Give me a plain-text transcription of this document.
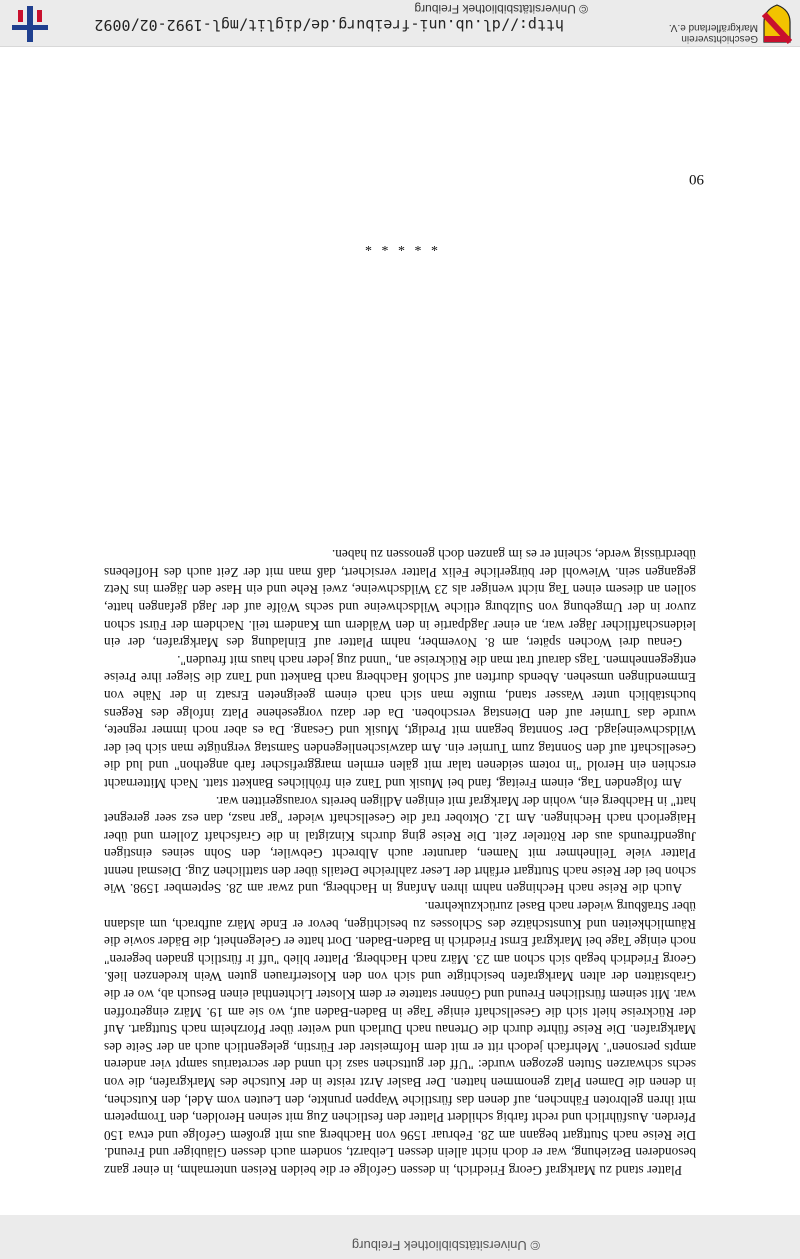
Geschichtsverein
Markgräflerland e.V.
http://dl.ub.uni-freiburg.de/diglit/mgl-1992-02/0092
© Universitätsbibliothek Freiburg
90

Platter stand zu Markgraf Georg Friedrich, in dessen Gefolge er die beiden Reisen unternahm, in einer ganz besonderen Beziehung, war er doch nicht allein dessen Leibarzt, sondern auch dessen Gläubiger und Freund. Die Reise nach Stuttgart begann am 28. Februar 1596 von Hachberg aus mit großem Gefolge und etwa 150 Pferden. Ausführlich und recht farbig schildert Platter den festlichen Zug mit seinen Herolden, den Trompetern mit ihren gelbroten Fähnchen, auf denen das fürstliche Wappen prunkte, den Leuten vom Adel, den Kutschen, in denen die Damen Platz genommen hatten. Der Basler Arzt reiste in der Kutsche des Markgrafen, die von sechs schwarzen Stuten gezogen wurde: "Uff der guttschen sasz ich unnd der secretarius sampt vier anderen ampts personen". Mehrfach jedoch ritt er mit dem Hofmeister der Fürstin, gelegentlich auch an der Seite des Markgrafen. Die Reise führte durch die Ortenau nach Durlach und weiter über Pforzheim nach Stuttgart. Auf der Rückreise hielt sich die Gesellschaft einige Tage in Baden-Baden auf, wo sie am 19. März eingetroffen war. Mit seinem fürstlichen Freund und Gönner stattete er dem Kloster Lichtenthal einen Besuch ab, wo er die Grabstätten der alten Markgrafen besichtigte und sich von den Klosterfrauen guten Wein kredenzen ließ. Georg Friedrich begab sich schon am 23. März nach Hachberg. Platter blieb "uff ir fürstlich gnaden begeren" noch einige Tage bei Markgraf Ernst Friedrich in Baden-Baden. Dort hatte er Gelegenheit, die Bäder sowie die Räumlichkeiten und Kunstschätze des Schlosses zu besichtigen, bevor er Ende März aufbrach, um alsdann über Straßburg wieder nach Basel zurückzukehren.

Auch die Reise nach Hechingen nahm ihren Anfang in Hachberg, und zwar am 28. September 1598. Wie schon bei der Reise nach Stuttgart erfährt der Leser zahlreiche Details über den stattlichen Zug. Diesmal nennt Platter viele Teilnehmer mit Namen, darunter auch Albrecht Gebwiler, den Sohn seines einstigen Jugendfreunds aus der Rötteler Zeit. Die Reise ging durchs Kinzigtal in die Grafschaft Zollern und über Haigerloch nach Hechingen. Am 12. Oktober traf die Gesellschaft wieder "gar nasz, dan esz seer geregnet hatt" in Hachberg ein, wohin der Markgraf mit einigen Adligen bereits vorausgeritten war.

Am folgenden Tag, einem Freitag, fand bei Musik und Tanz ein fröhliches Bankett statt. Nach Mitternacht erschien ein Herold "in rotem seidenen talar mit gälen ermlen marggrefischer farb angethon" und lud die Gesellschaft auf den Sonntag zum Turnier ein. Am dazwischenliegenden Samstag vergnügte man sich bei der Wildschweinejagd. Der Sonntag begann mit Predigt, Musik und Gesang. Da es aber noch immer regnete, wurde das Turnier auf den Dienstag verschoben. Da der dazu vorgesehene Platz infolge des Regens buchstäblich unter Wasser stand, mußte man sich nach einem geeigneten Ersatz in der Nähe von Emmendingen umsehen. Abends durften auf Schloß Hachberg nach Bankett und Tanz die Sieger ihre Preise entgegennehmen. Tags darauf trat man die Rückreise an, "unnd zug jeder nach haus mit freuden".

Genau drei Wochen später, am 8. November, nahm Platter auf Einladung des Markgrafen, der ein leidenschaftlicher Jäger war, an einer Jagdpartie in den Wäldern um Kandern teil. Nachdem der Fürst schon zuvor in der Umgebung von Sulzburg etliche Wildschweine und sechs Wölfe auf der Jagd gefangen hatte, sollen an diesem einen Tag nicht weniger als 23 Wildschweine, zwei Rehe und ein Hase den Jägern ins Netz gegangen sein. Wiewohl der bürgerliche Felix Platter versichert, daß man mit der Zeit auch des Hoflebens überdrüssig werde, scheint er es im ganzen doch genossen zu haben.

* * * * *
© Universitätsbibliothek Freiburg
